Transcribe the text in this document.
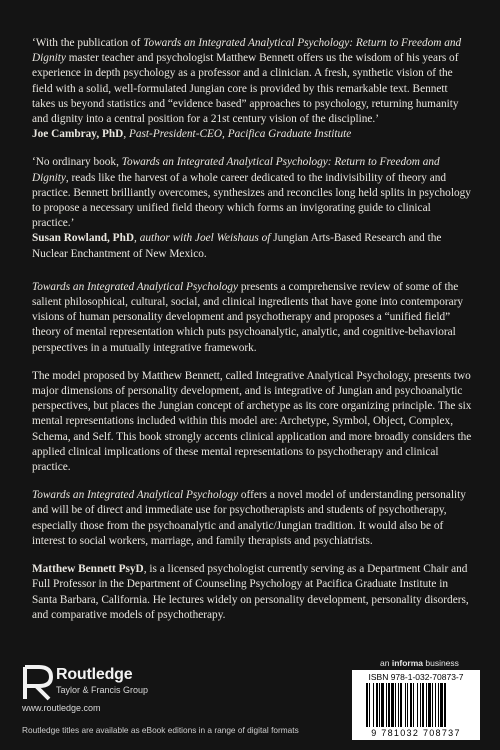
‘With the publication of Towards an Integrated Analytical Psychology: Return to Freedom and Dignity master teacher and psychologist Matthew Bennett offers us the wisdom of his years of experience in depth psychology as a professor and a clinician. A fresh, synthetic vision of the field with a solid, well-formulated Jungian core is provided by this remarkable text. Bennett takes us beyond statistics and “evidence based” approaches to psychology, returning humanity and dignity into a central position for a 21st century vision of the discipline.’
Joe Cambray, PhD, Past-President-CEO, Pacifica Graduate Institute

‘No ordinary book, Towards an Integrated Analytical Psychology: Return to Freedom and Dignity, reads like the harvest of a whole career dedicated to the indivisibility of theory and practice. Bennett brilliantly overcomes, synthesizes and reconciles long held splits in psychology to propose a necessary unified field theory which forms an invigorating guide to clinical practice.’
Susan Rowland, PhD, author with Joel Weishaus of Jungian Arts-Based Research and the Nuclear Enchantment of New Mexico.

Towards an Integrated Analytical Psychology presents a comprehensive review of some of the salient philosophical, cultural, social, and clinical ingredients that have gone into contemporary visions of human personality development and psychotherapy and proposes a “unified field” theory of mental representation which puts psychoanalytic, analytic, and cognitive-behavioral perspectives in a mutually integrative framework.

The model proposed by Matthew Bennett, called Integrative Analytical Psychology, presents two major dimensions of personality development, and is integrative of Jungian and psychoanalytic perspectives, but places the Jungian concept of archetype as its core organizing principle. The six mental representations included within this model are: Archetype, Symbol, Object, Complex, Schema, and Self. This book strongly accents clinical application and more broadly considers the applied clinical implications of these mental representations to psychotherapy and clinical practice.

Towards an Integrated Analytical Psychology offers a novel model of understanding personality and will be of direct and immediate use for psychotherapists and students of psychotherapy, especially those from the psychoanalytic and analytic/Jungian tradition. It would also be of interest to social workers, marriage, and family therapists and psychiatrists.

Matthew Bennett PsyD, is a licensed psychologist currently serving as a Department Chair and Full Professor in the Department of Counseling Psychology at Pacifica Graduate Institute in Santa Barbara, California. He lectures widely on personality development, personality disorders, and comparative models of psychotherapy.

Routledge
Taylor & Francis Group
www.routledge.com
Routledge titles are available as eBook editions in a range of digital formats
an informa business
ISBN 978-1-032-70873-7
9 781032 708737
